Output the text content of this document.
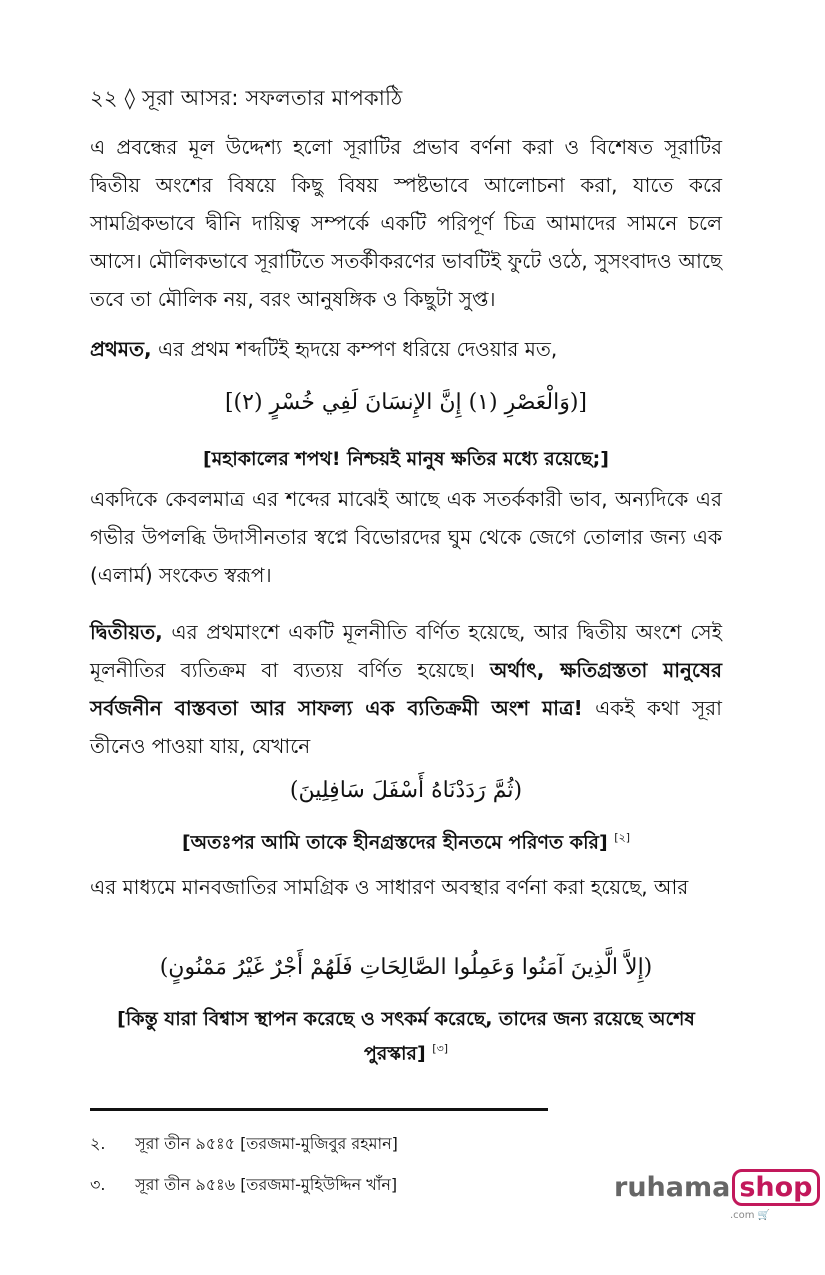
২২ ◊ সূরা আসর: সফলতার মাপকাঠি
এ প্রবন্ধের মূল উদ্দেশ্য হলো সূরাটির প্রভাব বর্ণনা করা ও বিশেষত সূরাটির দ্বিতীয় অংশের বিষয়ে কিছু বিষয় স্পষ্টভাবে আলোচনা করা, যাতে করে সামগ্রিকভাবে দ্বীনি দায়িত্ব সম্পর্কে একটি পরিপূর্ণ চিত্র আমাদের সামনে চলে আসে। মৌলিকভাবে সূরাটিতে সতর্কীকরণের ভাবটিই ফুটে ওঠে, সুসংবাদও আছে তবে তা মৌলিক নয়, বরং আনুষঙ্গিক ও কিছুটা সুপ্ত।
প্রথমত, এর প্রথম শব্দটিই হৃদয়ে কম্পণ ধরিয়ে দেওয়ার মত,
[(وَالْعَصْرِ (١) إِنَّ الإِنسَانَ لَفِي خُسْرٍ (٢)]
[মহাকালের শপথ! নিশ্চয়ই মানুষ ক্ষতির মধ্যে রয়েছে;]
একদিকে কেবলমাত্র এর শব্দের মাঝেই আছে এক সতর্ককারী ভাব, অন্যদিকে এর গভীর উপলব্ধি উদাসীনতার স্বপ্নে বিভোরদের ঘুম থেকে জেগে তোলার জন্য এক (এলার্ম) সংকেত স্বরূপ।
দ্বিতীয়ত, এর প্রথমাংশে একটি মূলনীতি বর্ণিত হয়েছে, আর দ্বিতীয় অংশে সেই মূলনীতির ব্যতিক্রম বা ব্যত্যয় বর্ণিত হয়েছে। অর্থাৎ, ক্ষতিগ্রস্ততা মানুষের সর্বজনীন বাস্তবতা আর সাফল্য এক ব্যতিক্রমী অংশ মাত্র! একই কথা সূরা তীনেও পাওয়া যায়, যেখানে
(ثُمَّ رَدَدْنَاهُ أَسْفَلَ سَافِلِينَ)
[অতঃপর আমি তাকে হীনগ্রস্তদের হীনতমে পরিণত করি] [২]
এর মাধ্যমে মানবজাতির সামগ্রিক ও সাধারণ অবস্থার বর্ণনা করা হয়েছে, আর
(إِلاَّ الَّذِينَ آمَنُوا وَعَمِلُوا الصَّالِحَاتِ فَلَهُمْ أَجْرٌ غَيْرُ مَمْنُونٍ)
[কিন্তু যারা বিশ্বাস স্থাপন করেছে ও সৎকর্ম করেছে, তাদের জন্য রয়েছে অশেষ পুরস্কার] [৩]
২. সূরা তীন ৯৫ঃ৫ [তরজমা-মুজিবুর রহমান]
৩. সূরা তীন ৯৫ঃ৬ [তরজমা-মুহিউদ্দিন খাঁন]	ruhama shop
.com 🛒
